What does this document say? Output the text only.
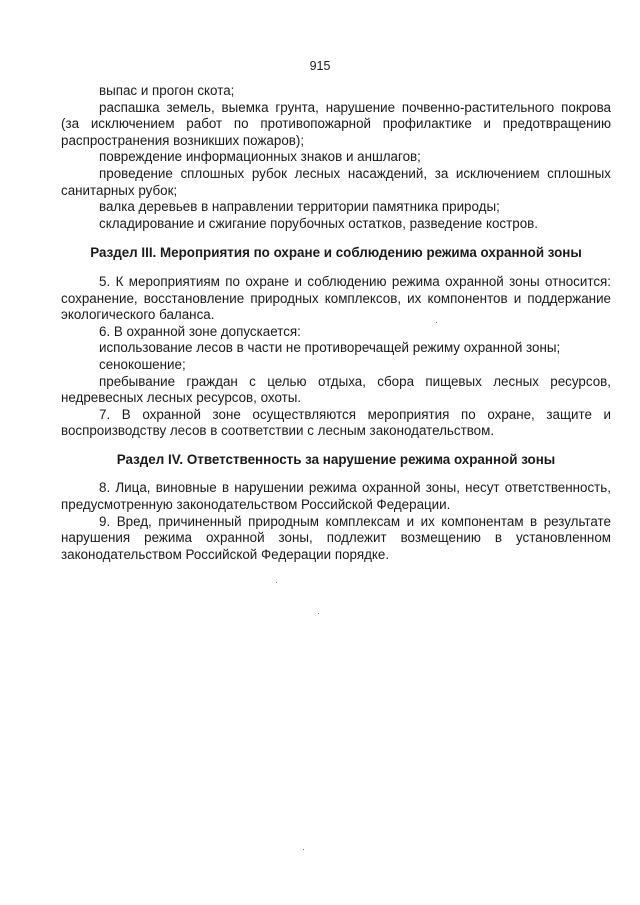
915

выпас и прогон скота;

распашка земель, выемка грунта, нарушение почвенно-растительного покрова (за исключением работ по противопожарной профилактике и предотвращению распространения возникших пожаров);

повреждение информационных знаков и аншлагов;

проведение сплошных рубок лесных насаждений, за исключением сплошных санитарных рубок;

валка деревьев в направлении территории памятника природы;

складирование и сжигание порубочных остатков, разведение костров.

Раздел III. Мероприятия по охране и соблюдению режима охранной зоны

5. К мероприятиям по охране и соблюдению режима охранной зоны относится: сохранение, восстановление природных комплексов, их компонентов и поддержание экологического баланса.

6. В охранной зоне допускается:

использование лесов в части не противоречащей режиму охранной зоны;

сенокошение;

пребывание граждан с целью отдыха, сбора пищевых лесных ресурсов, недревесных лесных ресурсов, охоты.

7. В охранной зоне осуществляются мероприятия по охране, защите и воспроизводству лесов в соответствии с лесным законодательством.

Раздел IV. Ответственность за нарушение режима охранной зоны

8. Лица, виновные в нарушении режима охранной зоны, несут ответственность, предусмотренную законодательством Российской Федерации.

9. Вред, причиненный природным комплексам и их компонентам в результате нарушения режима охранной зоны, подлежит возмещению в установленном законодательством Российской Федерации порядке.
